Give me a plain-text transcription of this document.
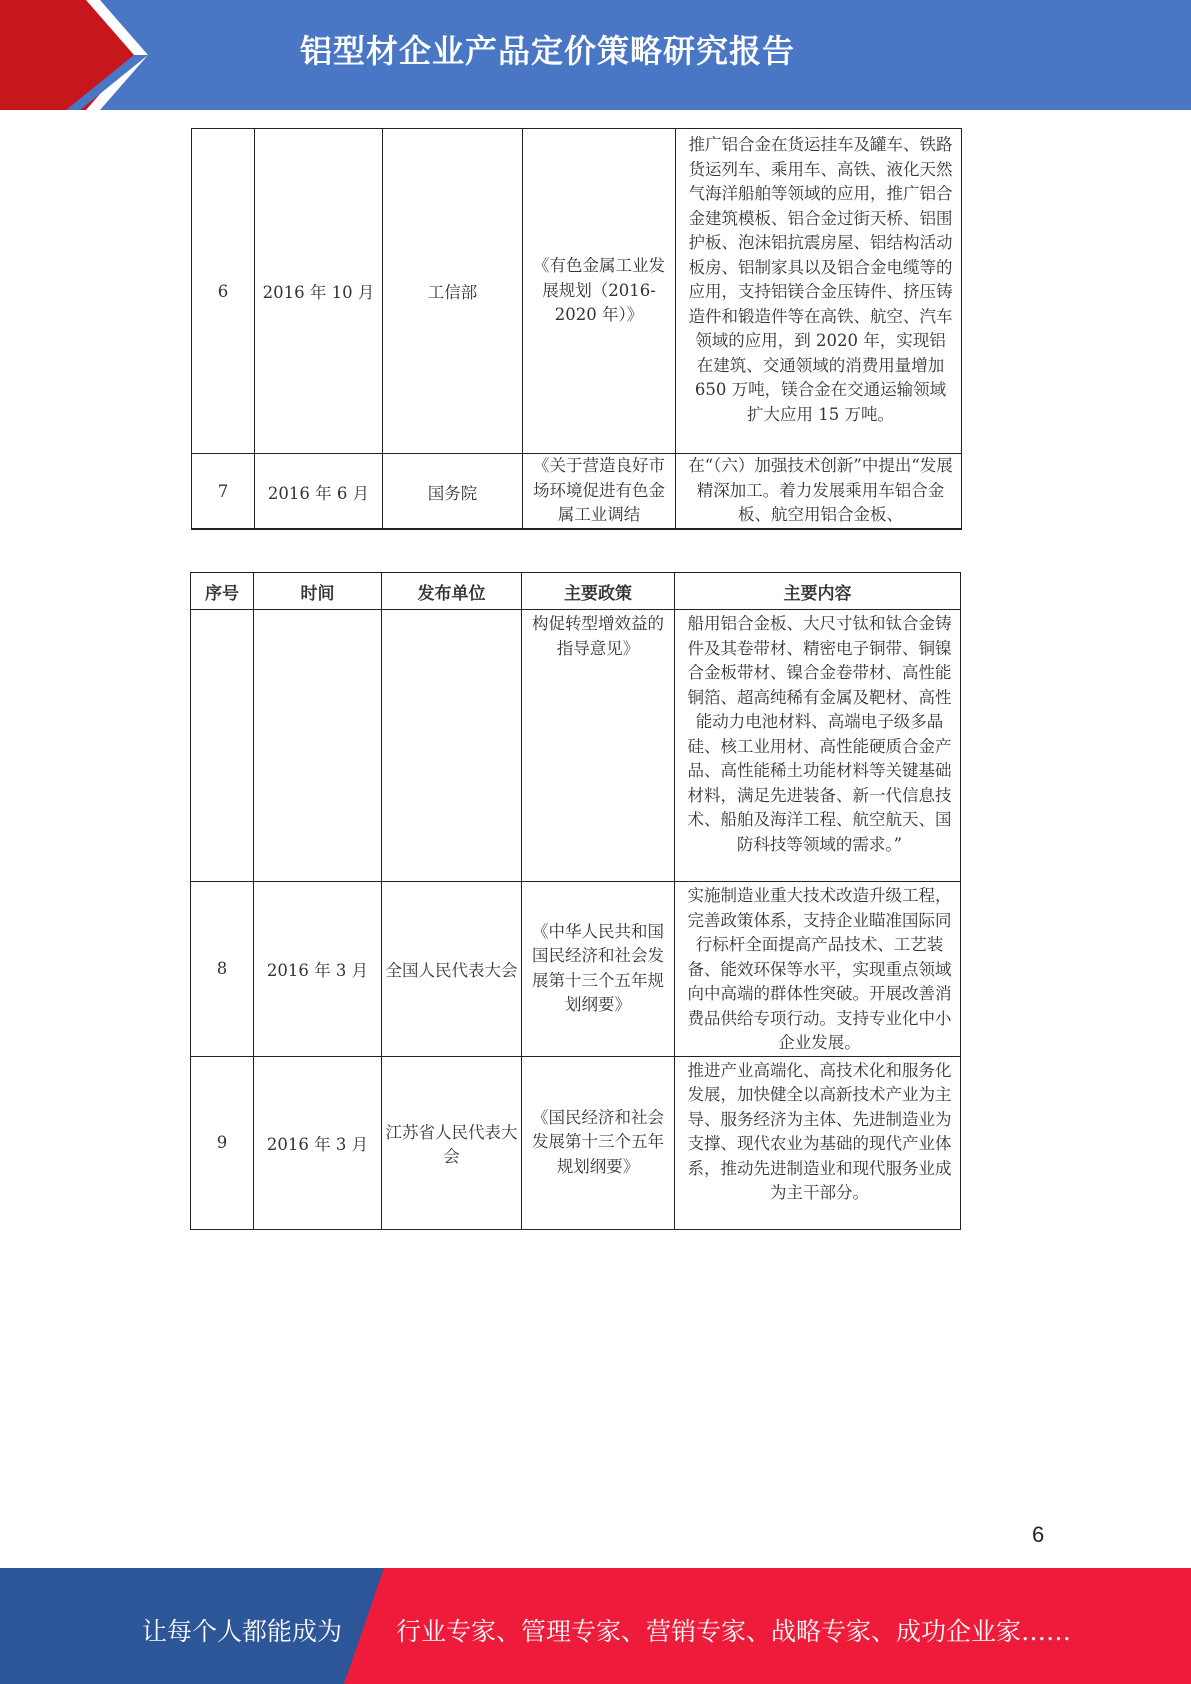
铝型材企业产品定价策略研究报告
6	2016 年 10 月	工信部	《有色金属工业发展规划（2016-2020 年）》	推广铝合金在货运挂车及罐车、铁路货运列车、乘用车、高铁、液化天然气海洋船舶等领域的应用，推广铝合金建筑模板、铝合金过街天桥、铝围护板、泡沫铝抗震房屋、铝结构活动板房、铝制家具以及铝合金电缆等的应用，支持铝镁合金压铸件、挤压铸造件和锻造件等在高铁、航空、汽车领域的应用，到 2020 年，实现铝在建筑、交通领域的消费用量增加 650 万吨，镁合金在交通运输领域扩大应用 15 万吨。
7	2016 年 6 月	国务院	《关于营造良好市场环境促进有色金属工业调结	在“（六）加强技术创新”中提出“发展精深加工。着力发展乘用车铝合金板、航空用铝合金板、
序号	时间	发布单位	主要政策	主要内容
			构促转型增效益的指导意见》	船用铝合金板、大尺寸钛和钛合金铸件及其卷带材、精密电子铜带、铜镍合金板带材、镍合金卷带材、高性能铜箔、超高纯稀有金属及靶材、高性能动力电池材料、高端电子级多晶硅、核工业用材、高性能硬质合金产品、高性能稀土功能材料等关键基础材料，满足先进装备、新一代信息技术、船舶及海洋工程、航空航天、国防科技等领域的需求。”
8	2016 年 3 月	全国人民代表大会	《中华人民共和国国民经济和社会发展第十三个五年规划纲要》	实施制造业重大技术改造升级工程，完善政策体系，支持企业瞄准国际同行标杆全面提高产品技术、工艺装备、能效环保等水平，实现重点领域向中高端的群体性突破。开展改善消费品供给专项行动。支持专业化中小企业发展。
9	2016 年 3 月	江苏省人民代表大会	《国民经济和社会发展第十三个五年规划纲要》	推进产业高端化、高技术化和服务化发展，加快健全以高新技术产业为主导、服务经济为主体、先进制造业为支撑、现代农业为基础的现代产业体系，推动先进制造业和现代服务业成为主干部分。
6
让每个人都能成为 行业专家、管理专家、营销专家、战略专家、成功企业家……
